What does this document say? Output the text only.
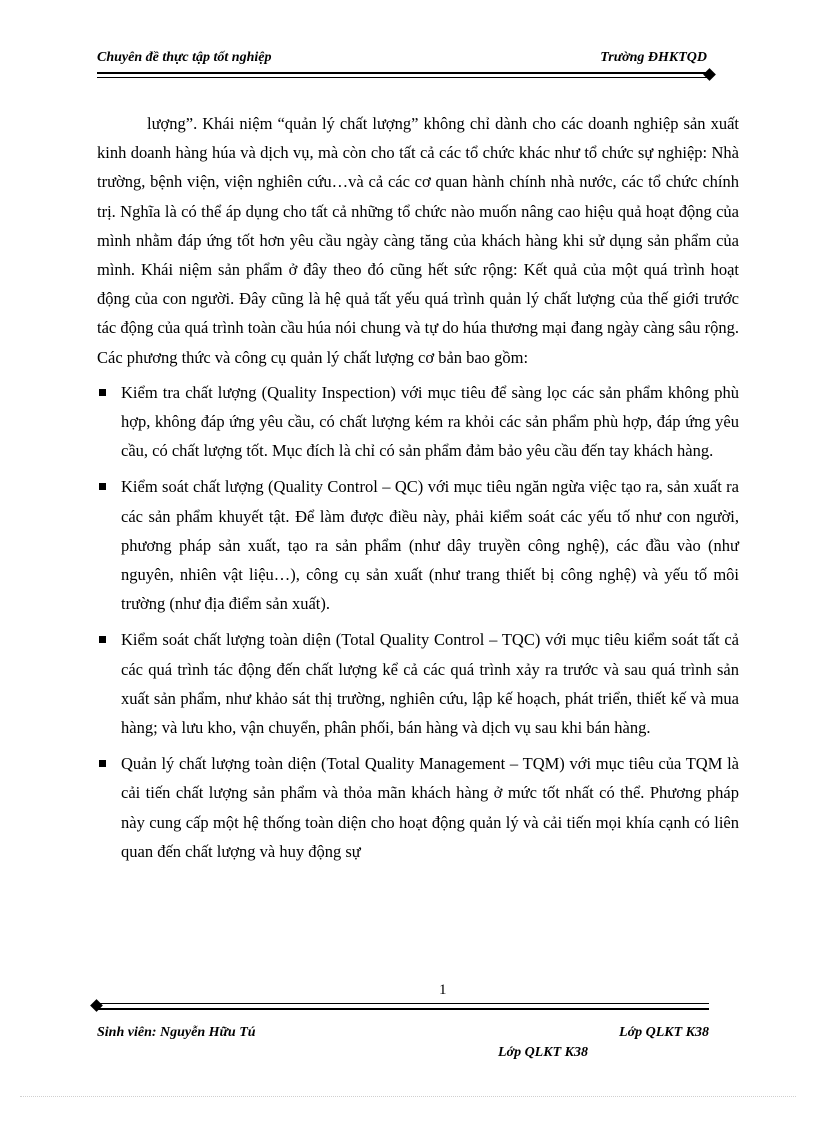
Chuyên đề thực tập tốt nghiệp	Trường ĐHKTQD

lượng”. Khái niệm “quản lý chất lượng” không chỉ dành cho các doanh nghiệp sản xuất kinh doanh hàng húa và dịch vụ, mà còn cho tất cả các tổ chức khác như tổ chức sự nghiệp: Nhà trường, bệnh viện, viện nghiên cứu…và cả các cơ quan hành chính nhà nước, các tổ chức chính trị. Nghĩa là có thể áp dụng cho tất cả những tổ chức nào muốn nâng cao hiệu quả hoạt động của mình nhằm đáp ứng tốt hơn yêu cầu ngày càng tăng của khách hàng khi sử dụng sản phẩm của mình. Khái niệm sản phẩm ở đây theo đó cũng hết sức rộng: Kết quả của một quá trình hoạt động của con người. Đây cũng là hệ quả tất yếu quá trình quản lý chất lượng của thế giới trước tác động của quá trình toàn cầu húa nói chung và tự do húa thương mại đang ngày càng sâu rộng. Các phương thức và công cụ quản lý chất lượng cơ bản bao gồm:

Kiểm tra chất lượng (Quality Inspection) với mục tiêu để sàng lọc các sản phẩm không phù hợp, không đáp ứng yêu cầu, có chất lượng kém ra khỏi các sản phẩm phù hợp, đáp ứng yêu cầu, có chất lượng tốt. Mục đích là chỉ có sản phẩm đảm bảo yêu cầu đến tay khách hàng.
Kiểm soát chất lượng (Quality Control – QC) với mục tiêu ngăn ngừa việc tạo ra, sản xuất ra các sản phẩm khuyết tật. Để làm được điều này, phải kiểm soát các yếu tố như con người, phương pháp sản xuất, tạo ra sản phẩm (như dây truyền công nghệ), các đầu vào (như nguyên, nhiên vật liệu…), công cụ sản xuất (như trang thiết bị công nghệ) và yếu tố môi trường (như địa điểm sản xuất).
Kiểm soát chất lượng toàn diện (Total Quality Control – TQC) với mục tiêu kiểm soát tất cả các quá trình tác động đến chất lượng kể cả các quá trình xảy ra trước và sau quá trình sản xuất sản phẩm, như khảo sát thị trường, nghiên cứu, lập kế hoạch, phát triển, thiết kế và mua hàng; và lưu kho, vận chuyển, phân phối, bán hàng và dịch vụ sau khi bán hàng.
Quản lý chất lượng toàn diện (Total Quality Management – TQM) với mục tiêu của TQM là cải tiến chất lượng sản phẩm và thỏa mãn khách hàng ở mức tốt nhất có thể. Phương pháp này cung cấp một hệ thống toàn diện cho hoạt động quản lý và cải tiến mọi khía cạnh có liên quan đến chất lượng và huy động sự
1
Sinh viên: Nguyễn Hữu Tú	Lớp QLKT K38
Lớp QLKT K38
